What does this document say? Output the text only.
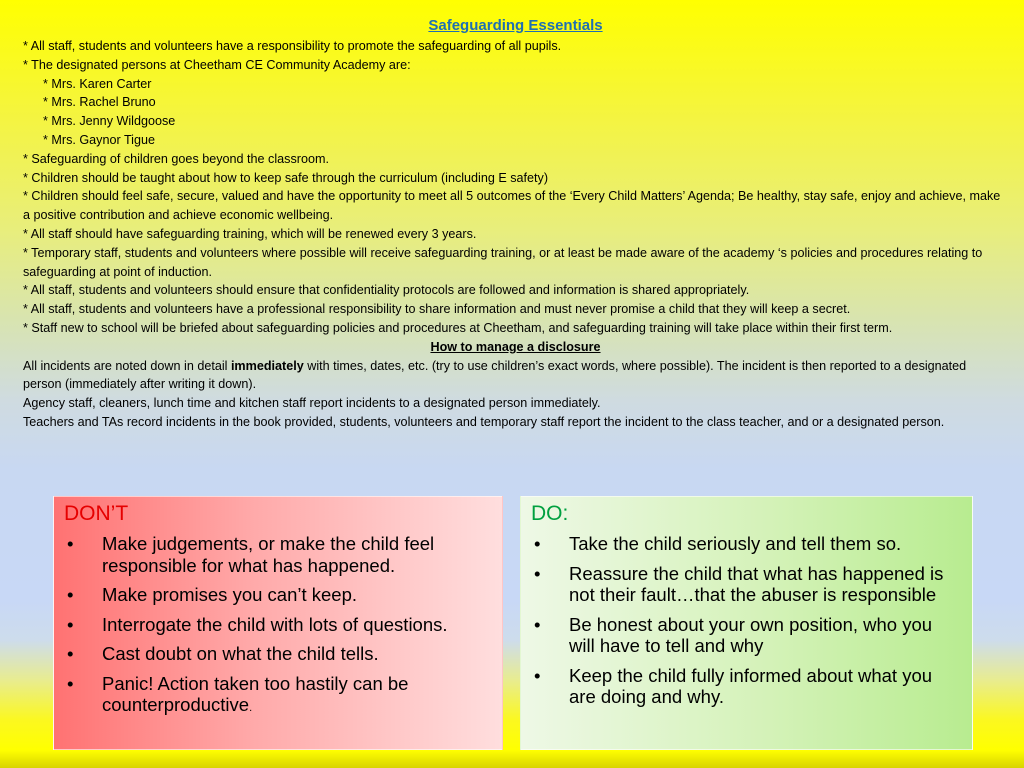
Safeguarding Essentials
* All staff, students and volunteers have a responsibility to promote the safeguarding of all pupils.
* The designated persons at Cheetham CE Community Academy are:
* Mrs. Karen Carter
* Mrs. Rachel Bruno
* Mrs. Jenny Wildgoose
* Mrs. Gaynor Tigue
* Safeguarding of children goes beyond the classroom.
* Children should be taught about how to keep safe through the curriculum (including E safety)
* Children should feel safe, secure, valued and have the opportunity to meet all 5 outcomes of the ‘Every Child Matters’ Agenda; Be healthy, stay safe, enjoy and achieve, make a positive contribution and achieve economic wellbeing.
* All staff should have safeguarding training, which will be renewed every 3 years.
* Temporary staff, students and volunteers where possible will receive safeguarding training, or at least be made aware of the academy ‘s policies and procedures relating to safeguarding at point of induction.
* All staff, students and volunteers should ensure that confidentiality protocols are followed and information is shared appropriately.
* All staff, students and volunteers have a professional responsibility to share information and must never promise a child that they will keep a secret.
* Staff new to school will be briefed about safeguarding policies and procedures at Cheetham, and safeguarding training will take place within their first term.
How to manage a disclosure
All incidents are noted down in detail immediately with times, dates, etc. (try to use children’s exact words, where possible). The incident is then reported to a designated person (immediately after writing it down).
Agency staff, cleaners, lunch time and kitchen staff report incidents to a designated person immediately.
Teachers and TAs record incidents in the book provided, students, volunteers and temporary staff report the incident to the class teacher, and or a designated person.
DON’T
• Make judgements, or make the child feel responsible for what has happened.
• Make promises you can’t keep.
• Interrogate the child with lots of questions.
• Cast doubt on what the child tells.
• Panic! Action taken too hastily can be counterproductive.
DO:
• Take the child seriously and tell them so.
• Reassure the child that what has happened is not their fault…that the abuser is responsible
• Be honest about your own position, who you will have to tell and why
• Keep the child fully informed about what you are doing and why.
